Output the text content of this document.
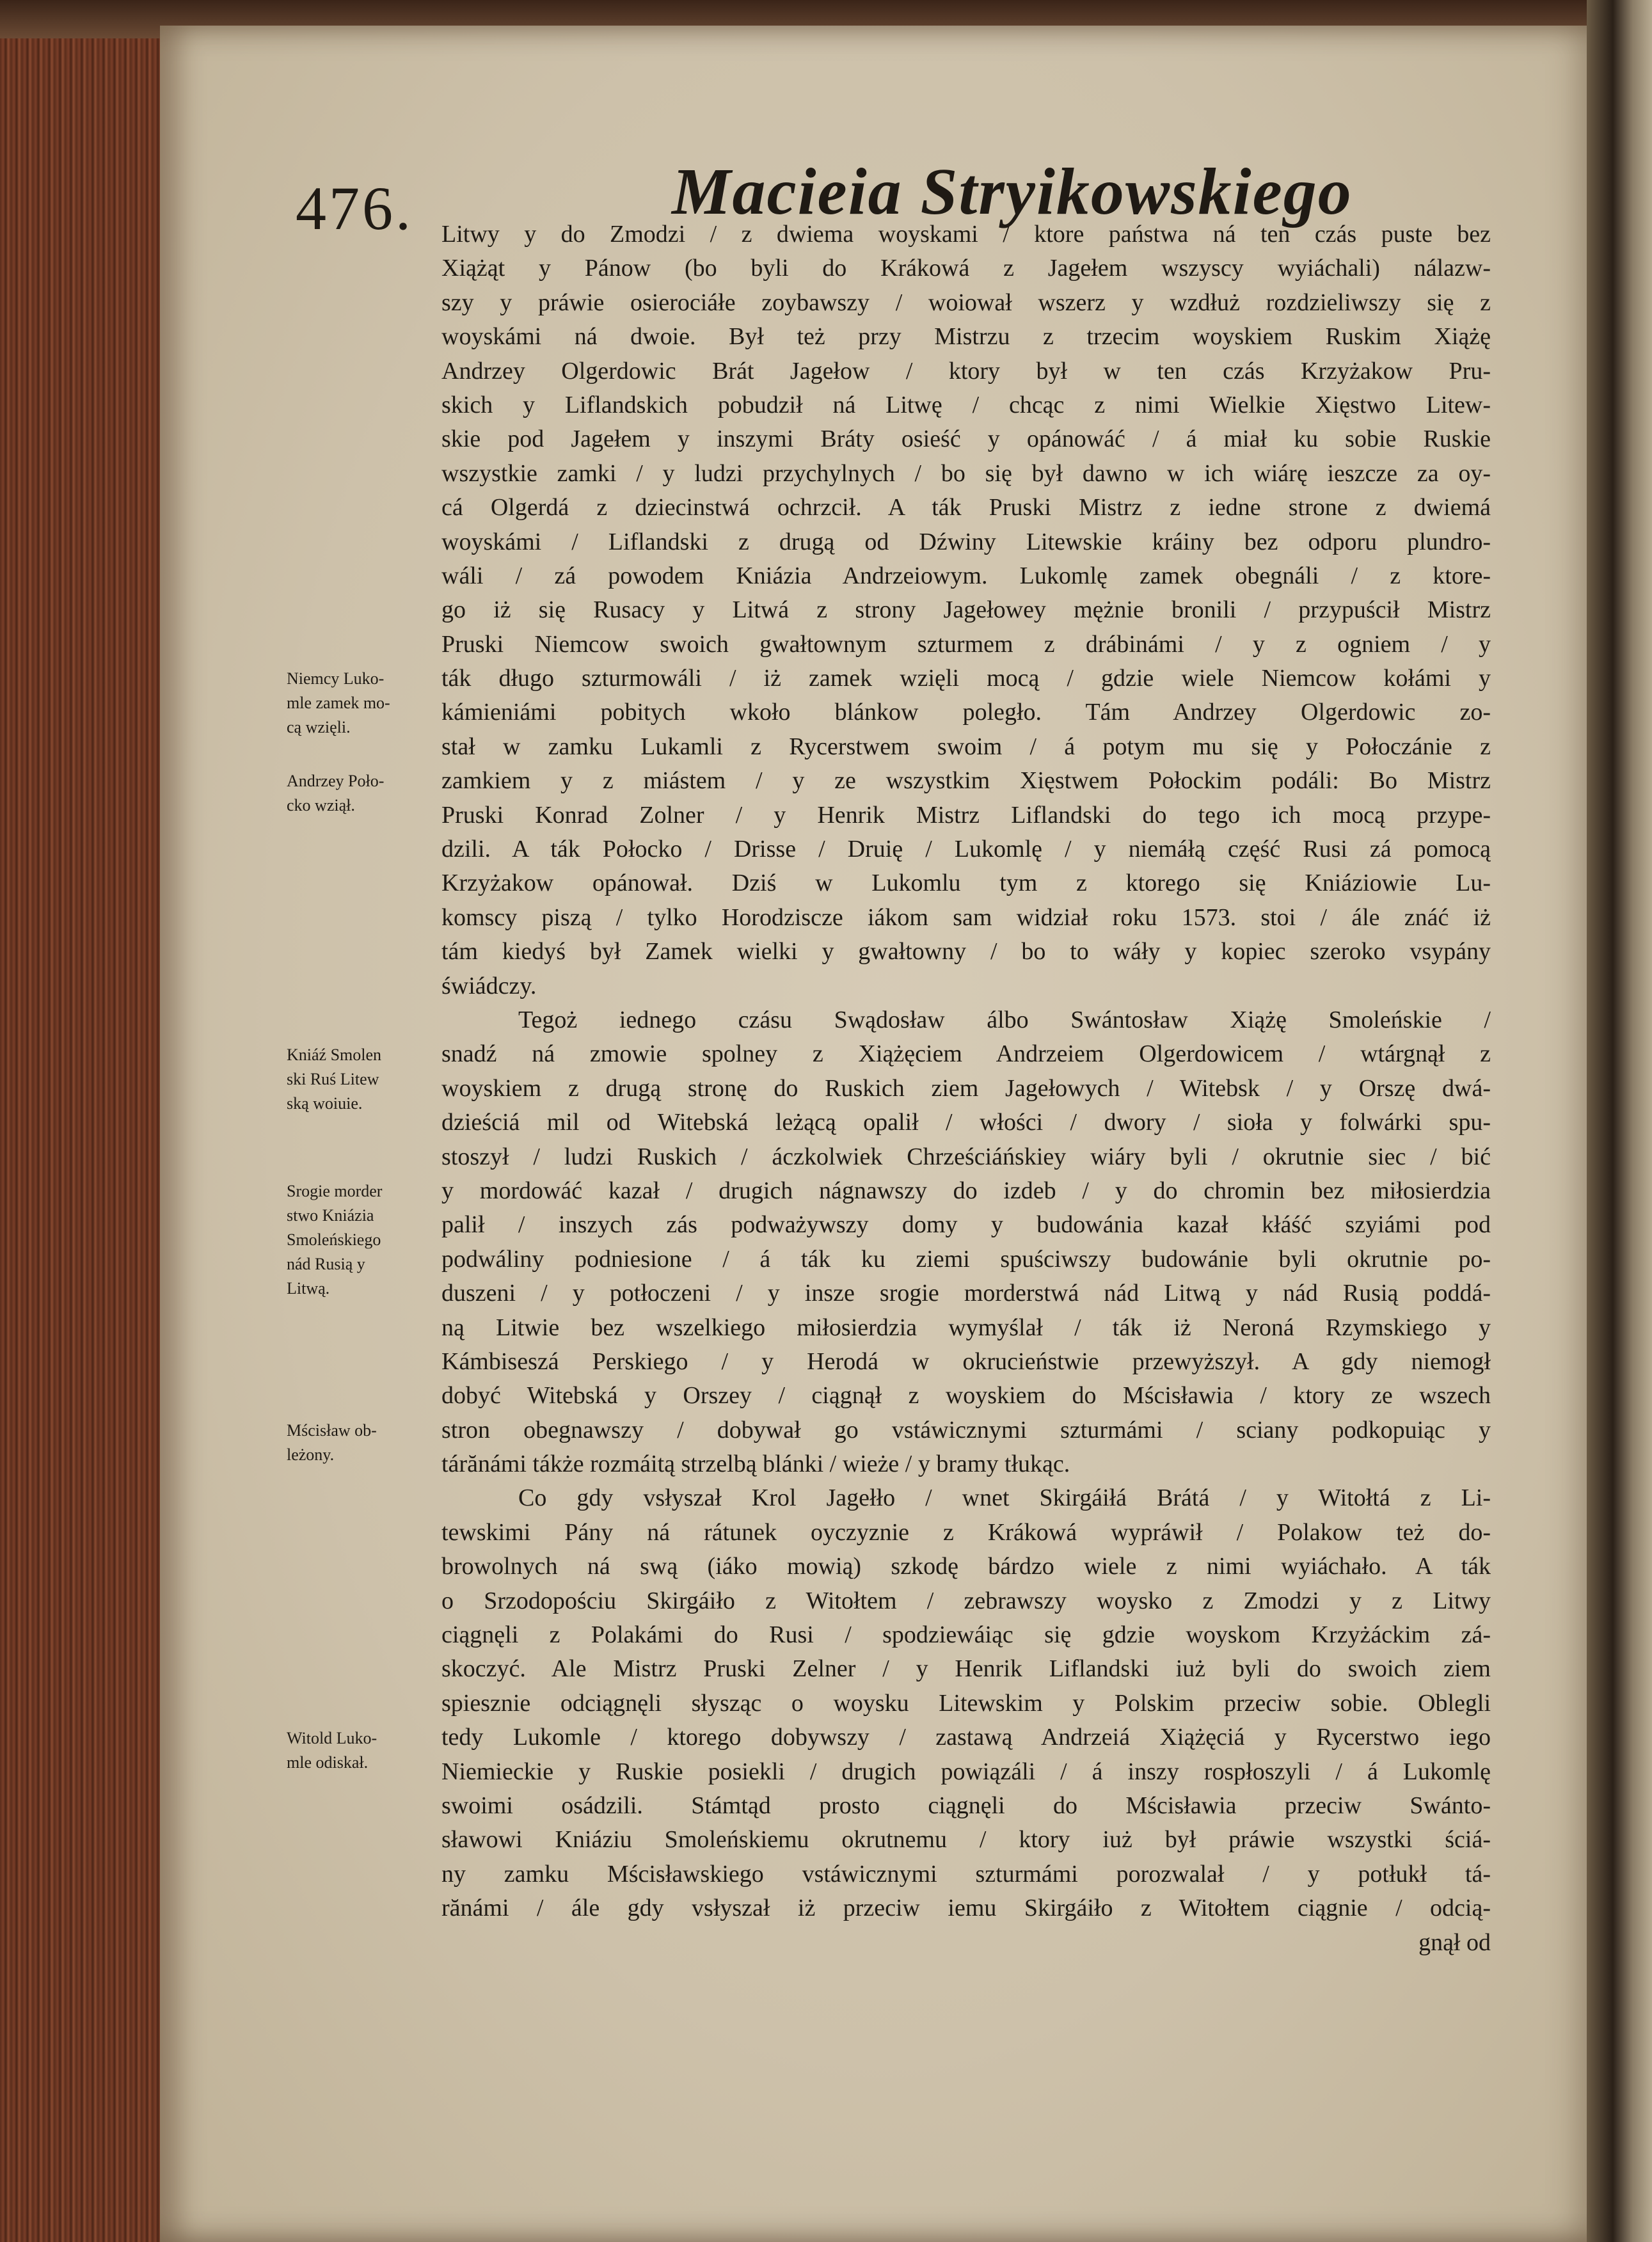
476.	Macieia Stryikowskiego
Litwy y do Zmodzi / z dwiema woyskami / ktore państwa ná ten czás puste bez
Xiążąt y Pánow (bo byli do Krákowá z Jagełem wszyscy wyiáchali) nálazw-
szy y práwie osierociáłe zoybawszy / woiował wszerz y wzdłuż rozdzieliwszy się z
woyskámi ná dwoie. Był też przy Mistrzu z trzecim woyskiem Ruskim Xiążę
Andrzey Olgerdowic Brát Jagełow / ktory był w ten czás Krzyżakow Pru-
skich y Liflandskich pobudził ná Litwę / chcąc z nimi Wielkie Xięstwo Litew-
skie pod Jagełem y inszymi Bráty osieść y opánowáć / á miał ku sobie Ruskie
wszystkie zamki / y ludzi przychylnych / bo się był dawno w ich wiárę ieszcze za oy-
cá Olgerdá z dziecinstwá ochrzcił. A ták Pruski Mistrz z iedne strone z dwiemá
woyskámi / Liflandski z drugą od Dźwiny Litewskie kráiny bez odporu plundro-
wáli / zá powodem Kniázia Andrzeiowym. Lukomlę zamek obegnáli / z ktore-
go iż się Rusacy y Litwá z strony Jagełowey mężnie bronili / przypuścił Mistrz
Pruski Niemcow swoich gwałtownym szturmem z drábinámi / y z ogniem / y
ták długo szturmowáli / iż zamek wzięli mocą / gdzie wiele Niemcow kołámi y
kámieniámi pobitych wkoło blánkow poległo. Tám Andrzey Olgerdowic zo-
stał w zamku Lukamli z Rycerstwem swoim / á potym mu się y Połoczánie z
zamkiem y z miástem / y ze wszystkim Xięstwem Połockim podáli: Bo Mistrz
Pruski Konrad Zolner / y Henrik Mistrz Liflandski do tego ich mocą przype-
dzili. A ták Połocko / Drisse / Druię / Lukomlę / y niemáłą część Rusi zá pomocą
Krzyżakow opánował. Dziś w Lukomlu tym z ktorego się Kniáziowie Lu-
komscy piszą / tylko Horodziscze iákom sam widział roku 1573. stoi / ále znáć iż
tám kiedyś był Zamek wielki y gwałtowny / bo to wáły y kopiec szeroko vsypány
świádczy.
Tegoż iednego czásu Swądosław álbo Swántosław Xiążę Smoleńskie /
snadź ná zmowie spolney z Xiążęciem Andrzeiem Olgerdowicem / wtárgnął z
woyskiem z drugą stronę do Ruskich ziem Jagełowych / Witebsk / y Orszę dwá-
dzieściá mil od Witebská leżącą opalił / włości / dwory / sioła y folwárki spu-
stoszył / ludzi Ruskich / áczkolwiek Chrześciáńskiey wiáry byli / okrutnie siec / bić
y mordowáć kazał / drugich nágnawszy do izdeb / y do chromin bez miłosierdzia
palił / inszych zás podważywszy domy y budowánia kazał kłáść szyiámi pod
podwáliny podniesione / á ták ku ziemi spuściwszy budowánie byli okrutnie po-
duszeni / y potłoczeni / y insze srogie morderstwá nád Litwą y nád Rusią poddá-
ną Litwie bez wszelkiego miłosierdzia wymyślał / ták iż Neroná Rzymskiego y
Kámbiseszá Perskiego / y Herodá w okrucieństwie przewyższył. A gdy niemogł
dobyć Witebská y Orszey / ciągnął z woyskiem do Mścisławia / ktory ze wszech
stron obegnawszy / dobywał go vstáwicznymi szturmámi / sciany podkopuiąc y
tárănámi tákże rozmáitą strzelbą blánki / wieże / y bramy tłukąc.
Co gdy vsłyszał Krol Jagełło / wnet Skirgáiłá Brátá / y Witołtá z Li-
tewskimi Pány ná rátunek oyczyznie z Krákowá wypráwił / Polakow też do-
browolnych ná swą (iáko mowią) szkodę bárdzo wiele z nimi wyiáchało. A ták
o Srzodopościu Skirgáiło z Witołtem / zebrawszy woysko z Zmodzi y z Litwy
ciągnęli z Polakámi do Rusi / spodziewáiąc się gdzie woyskom Krzyżáckim zá-
skoczyć. Ale Mistrz Pruski Zelner / y Henrik Liflandski iuż byli do swoich ziem
spiesznie odciągnęli słysząc o woysku Litewskim y Polskim przeciw sobie. Oblegli
tedy Lukomle / ktorego dobywszy / zastawą Andrzeiá Xiążęciá y Rycerstwo iego
Niemieckie y Ruskie posiekli / drugich powiązáli / á inszy rospłoszyli / á Lukomlę
swoimi osádzili. Stámtąd prosto ciągnęli do Mścisławia przeciw Swánto-
sławowi Kniáziu Smoleńskiemu okrutnemu / ktory iuż był práwie wszystki ściá-
ny zamku Mścisławskiego vstáwicznymi szturmámi porozwalał / y potłukł tá-
rănámi / ále gdy vsłyszał iż przeciw iemu Skirgáiło z Witołtem ciągnie / odcią-
gnął od
Niemcy Luko-
mle zamek mo-
cą wzięli.
Andrzey Poło-
cko wziął.
Kniáź Smolen
ski Ruś Litew
ską woiuie.
Srogie morder
stwo Kniázia
Smoleńskiego
nád Rusią y
Litwą.
Mścisław ob-
leżony.
Witold Luko-
mle odiskał.
